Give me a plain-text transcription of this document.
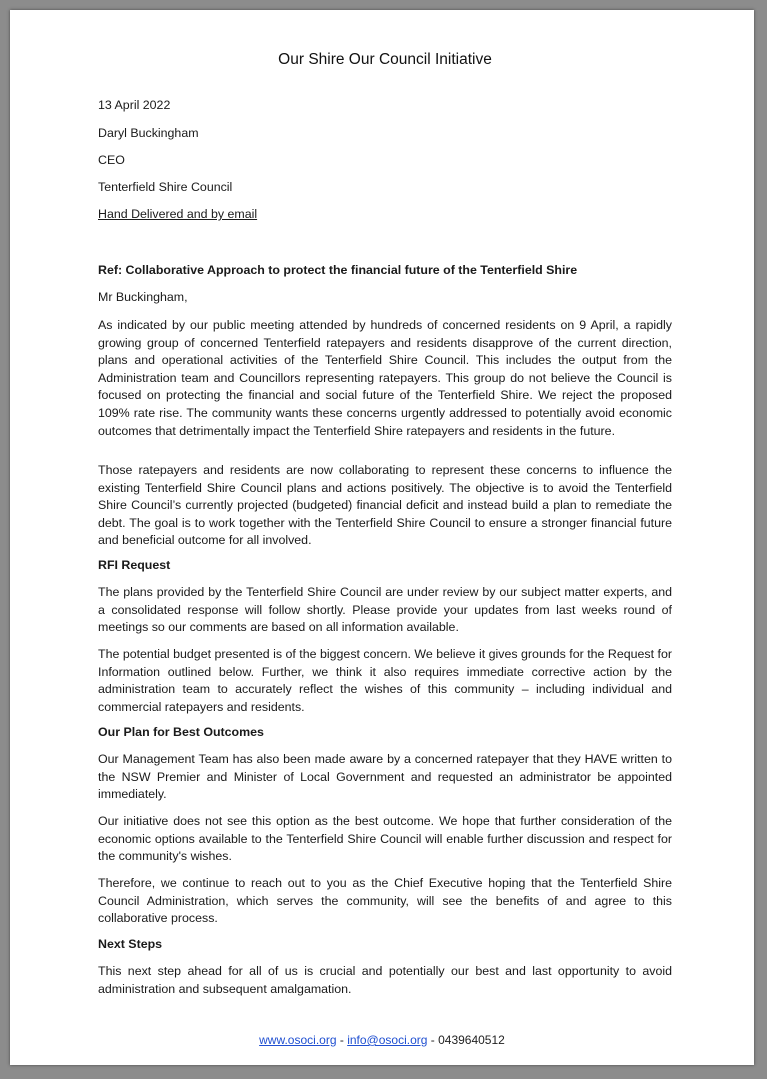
Our Shire Our Council Initiative
13 April 2022
Daryl Buckingham
CEO
Tenterfield Shire Council
Hand Delivered and by email
Ref: Collaborative Approach to protect the financial future of the Tenterfield Shire
Mr Buckingham,

As indicated by our public meeting attended by hundreds of concerned residents on 9 April, a rapidly growing group of concerned Tenterfield ratepayers and residents disapprove of the current direction, plans and operational activities of the Tenterfield Shire Council. This includes the output from the Administration team and Councillors representing ratepayers. This group do not believe the Council is focused on protecting the financial and social future of the Tenterfield Shire. We reject the proposed 109% rate rise. The community wants these concerns urgently addressed to potentially avoid economic outcomes that detrimentally impact the Tenterfield Shire ratepayers and residents in the future.

Those ratepayers and residents are now collaborating to represent these concerns to influence the existing Tenterfield Shire Council plans and actions positively. The objective is to avoid the Tenterfield Shire Council’s currently projected (budgeted) financial deficit and instead build a plan to remediate the debt. The goal is to work together with the Tenterfield Shire Council to ensure a stronger financial future and beneficial outcome for all involved.

RFI Request

The plans provided by the Tenterfield Shire Council are under review by our subject matter experts, and a consolidated response will follow shortly. Please provide your updates from last weeks round of meetings so our comments are based on all information available.

The potential budget presented is of the biggest concern. We believe it gives grounds for the Request for Information outlined below. Further, we think it also requires immediate corrective action by the administration team to accurately reflect the wishes of this community – including individual and commercial ratepayers and residents.

Our Plan for Best Outcomes

Our Management Team has also been made aware by a concerned ratepayer that they HAVE written to the NSW Premier and Minister of Local Government and requested an administrator be appointed immediately.

Our initiative does not see this option as the best outcome. We hope that further consideration of the economic options available to the Tenterfield Shire Council will enable further discussion and respect for the community's wishes.

Therefore, we continue to reach out to you as the Chief Executive hoping that the Tenterfield Shire Council Administration, which serves the community, will see the benefits of and agree to this collaborative process.

Next Steps

This next step ahead for all of us is crucial and potentially our best and last opportunity to avoid administration and subsequent amalgamation.

www.osoci.org - info@osoci.org - 0439640512
